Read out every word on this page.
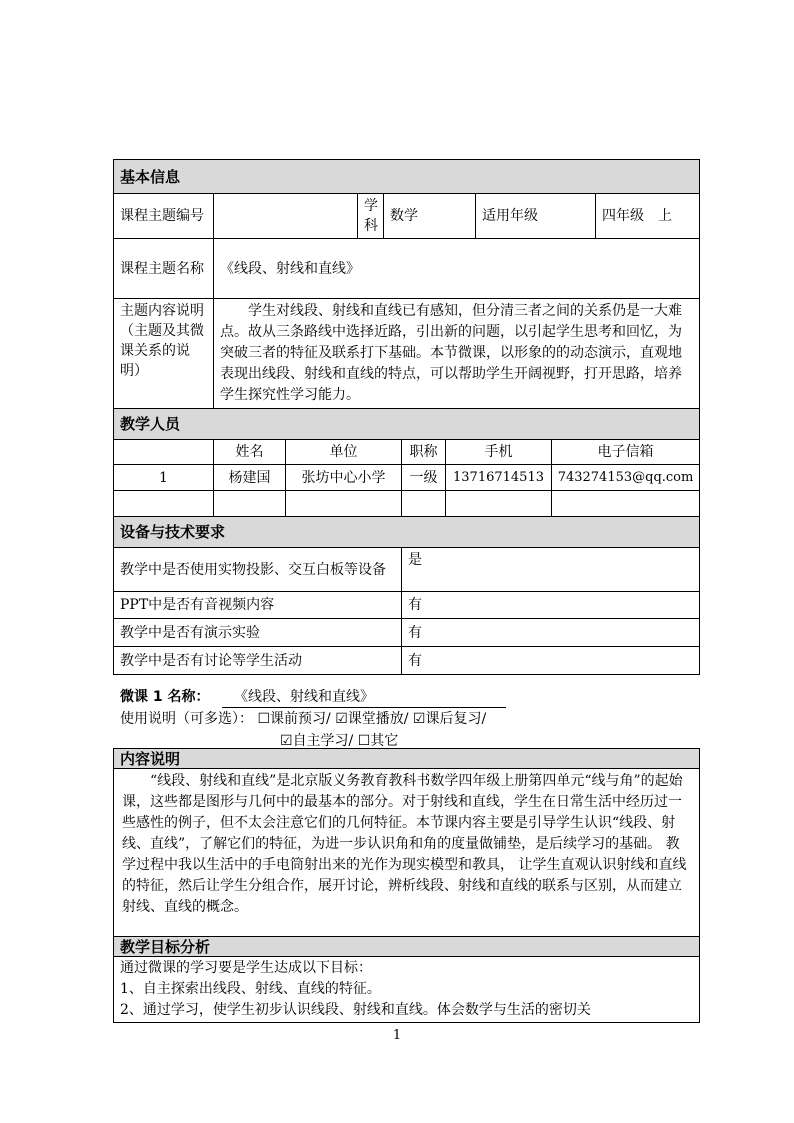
基本信息									
课程主题编号			学科	数学			适用年级		四年级　上
课程主题名称	《线段、射线和直线》								
主题内容说明（主题及其微课关系的说明）	学生对线段、射线和直线已有感知，但分清三者之间的关系仍是一大难点。故从三条路线中选择近路，引出新的问题，以引起学生思考和回忆，为突破三者的特征及联系打下基础。本节微课，以形象的的动态演示，直观地表现出线段、射线和直线的特点，可以帮助学生开阔视野，打开思路，培养学生探究性学习能力。								
教学人员									
	姓名	单位			职称	手机		电子信箱	
1	杨建国	张坊中心小学			一级	13716714513		743274153@qq.com	

设备与技术要求									
教学中是否使用实物投影、交互白板等设备					是				
PPT中是否有音视频内容					有				
教学中是否有演示实验					有				
教学中是否有讨论等学生活动					有				
微课 1 名称： 《线段、射线和直线》
使用说明（可多选）： ☐课前预习/ ☑课堂播放/ ☑课后复习/
☑自主学习/ ☐其它
内容说明
“线段、射线和直线”是北京版义务教育教科书数学四年级上册第四单元“线与角”的起始课，这些都是图形与几何中的最基本的部分。对于射线和直线，学生在日常生活中经历过一些感性的例子，但不太会注意它们的几何特征。本节课内容主要是引导学生认识“线段、射线、直线”，了解它们的特征，为进一步认识角和角的度量做铺垫，是后续学习的基础。 教学过程中我以生活中的手电筒射出来的光作为现实模型和教具， 让学生直观认识射线和直线的特征，然后让学生分组合作，展开讨论，辨析线段、射线和直线的联系与区别，从而建立射线、直线的概念。
教学目标分析

通过微课的学习要是学生达成以下目标：
1、自主探索出线段、射线、直线的特征。
2、通过学习，使学生初步认识线段、射线和直线。体会数学与生活的密切关
1
